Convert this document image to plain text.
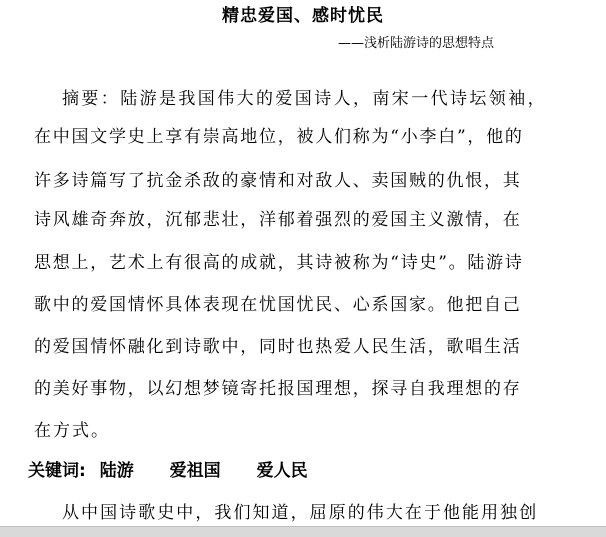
精忠爱国、感时忧民
——浅析陆游诗的思想特点
摘要：陆游是我国伟大的爱国诗人，南宋一代诗坛领袖，
在中国文学史上享有崇高地位，被人们称为“小李白”，他的
许多诗篇写了抗金杀敌的豪情和对敌人、卖国贼的仇恨，其
诗风雄奇奔放，沉郁悲壮，洋郁着强烈的爱国主义激情，在
思想上，艺术上有很高的成就，其诗被称为“诗史”。陆游诗
歌中的爱国情怀具体表现在忧国忧民、心系国家。他把自己
的爱国情怀融化到诗歌中，同时也热爱人民生活，歌唱生活
的美好事物，以幻想梦镜寄托报国理想，探寻自我理想的存
在方式。
关键词: 陆游 爱祖国 爱人民
从中国诗歌史中，我们知道，屈原的伟大在于他能用独创
